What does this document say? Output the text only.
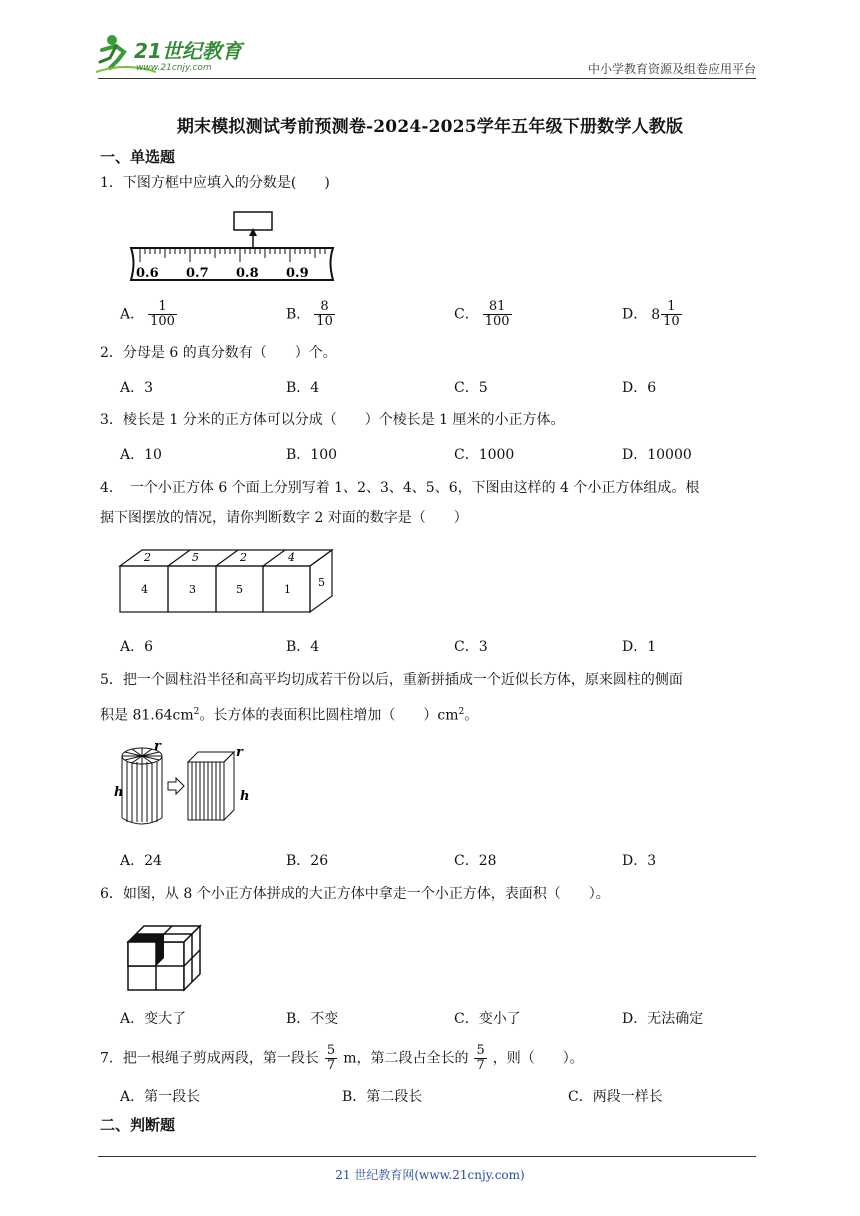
21世纪教育
www.21cnjy.com	中小学教育资源及组卷应用平台
期末模拟测试考前预测卷-2024-2025学年五年级下册数学人教版
一、单选题
1．下图方框中应填入的分数是(　　)
0.6 0.7 0.8 0.9
A． $\frac{1}{100}$	B． $\frac{8}{10}$	C． $\frac{81}{100}$	D． $8 \frac{1}{10}$
2．分母是 6 的真分数有（　　）个。
A．3	B．4	C．5	D．6
3．棱长是 1 分米的正方体可以分成（　　）个棱长是 1 厘米的小正方体。
A．10	B．100	C．1000	D．10000
4．　一个小正方体 6 个面上分别写着 1、2、3、4、5、6，下图由这样的 4 个小正方体组成。根
据下图摆放的情况，请你判断数字 2 对面的数字是（　　）
2	5	2	4
4	3	5	1
5
A．6	B．4	C．3	D．1
5．把一个圆柱沿半径和高平均切成若干份以后，重新拼插成一个近似长方体，原来圆柱的侧面
积是 $81.64cm^2$。长方体的表面积比圆柱增加（　　）$cm^2$。
r
h
r
h
A．24	B．26	C．28	D．3
6．如图，从 8 个小正方体拼成的大正方体中拿走一个小正方体，表面积（　　）。
A．变大了	B．不变	C．变小了	D．无法确定
7．把一根绳子剪成两段，第一段长 $\frac{5}{7}$ m，第二段占全长的 $\frac{5}{7}$ ，则（　　）。
A．第一段长	B．第二段长	C．两段一样长
二、判断题
21 世纪教育网(www.21cnjy.com)
